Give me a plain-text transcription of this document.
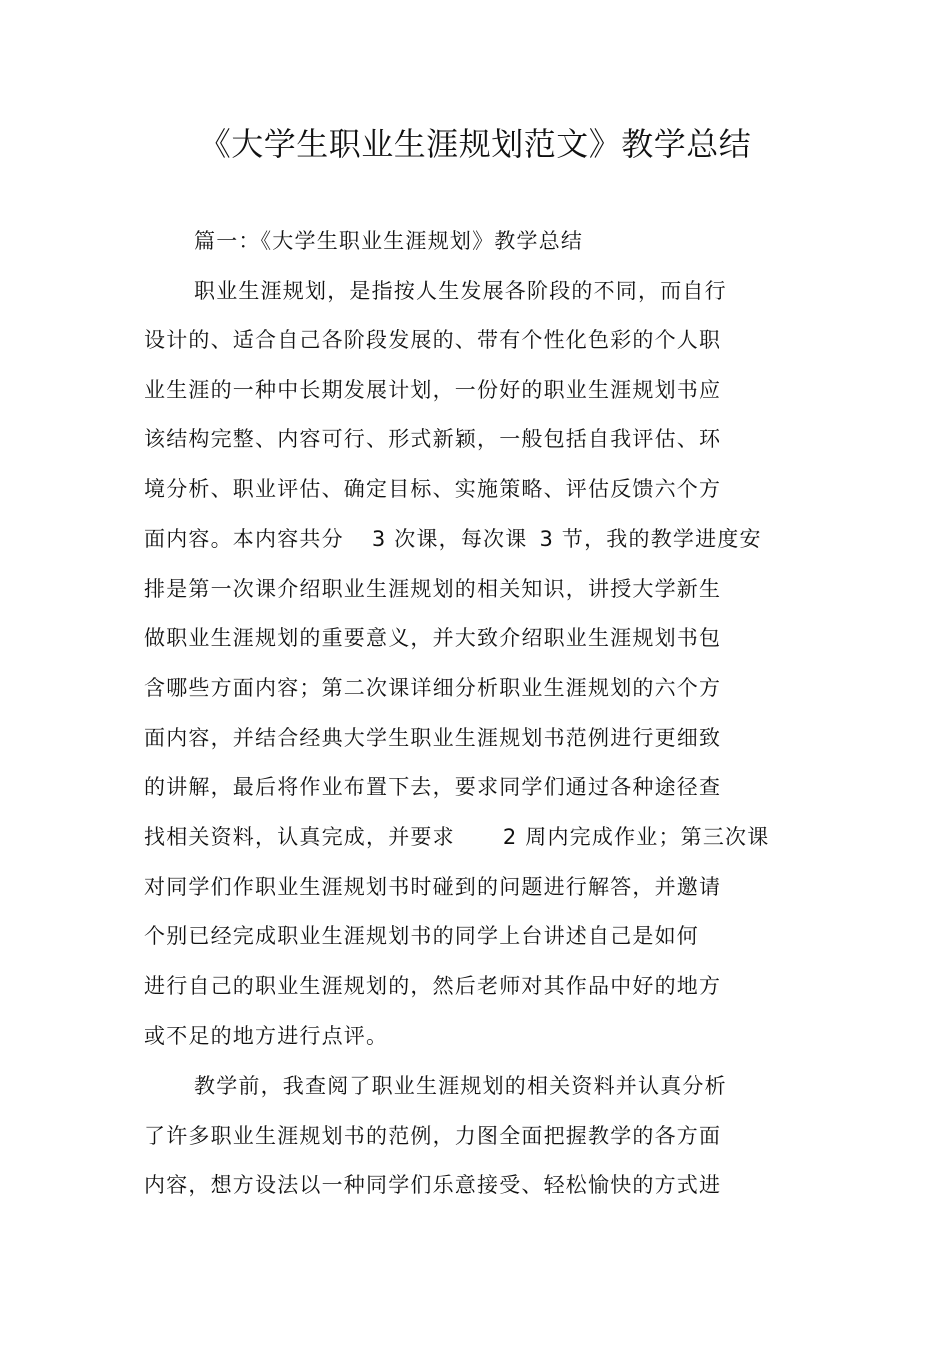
《大学生职业生涯规划范文》教学总结
篇一：《大学生职业生涯规划》教学总结
职业生涯规划，是指按人生发展各阶段的不同，而自行
设计的、适合自己各阶段发展的、带有个性化色彩的个人职
业生涯的一种中长期发展计划，一份好的职业生涯规划书应
该结构完整、内容可行、形式新颖，一般包括自我评估、环
境分析、职业评估、确定目标、实施策略、评估反馈六个方
面内容。本内容共分 3 次课，每次课 3 节，我的教学进度安
排是第一次课介绍职业生涯规划的相关知识，讲授大学新生
做职业生涯规划的重要意义，并大致介绍职业生涯规划书包
含哪些方面内容；第二次课详细分析职业生涯规划的六个方
面内容，并结合经典大学生职业生涯规划书范例进行更细致
的讲解，最后将作业布置下去，要求同学们通过各种途径查
找相关资料，认真完成，并要求 2 周内完成作业；第三次课
对同学们作职业生涯规划书时碰到的问题进行解答，并邀请
个别已经完成职业生涯规划书的同学上台讲述自己是如何
进行自己的职业生涯规划的，然后老师对其作品中好的地方
或不足的地方进行点评。
教学前，我查阅了职业生涯规划的相关资料并认真分析
了许多职业生涯规划书的范例，力图全面把握教学的各方面
内容，想方设法以一种同学们乐意接受、轻松愉快的方式进
